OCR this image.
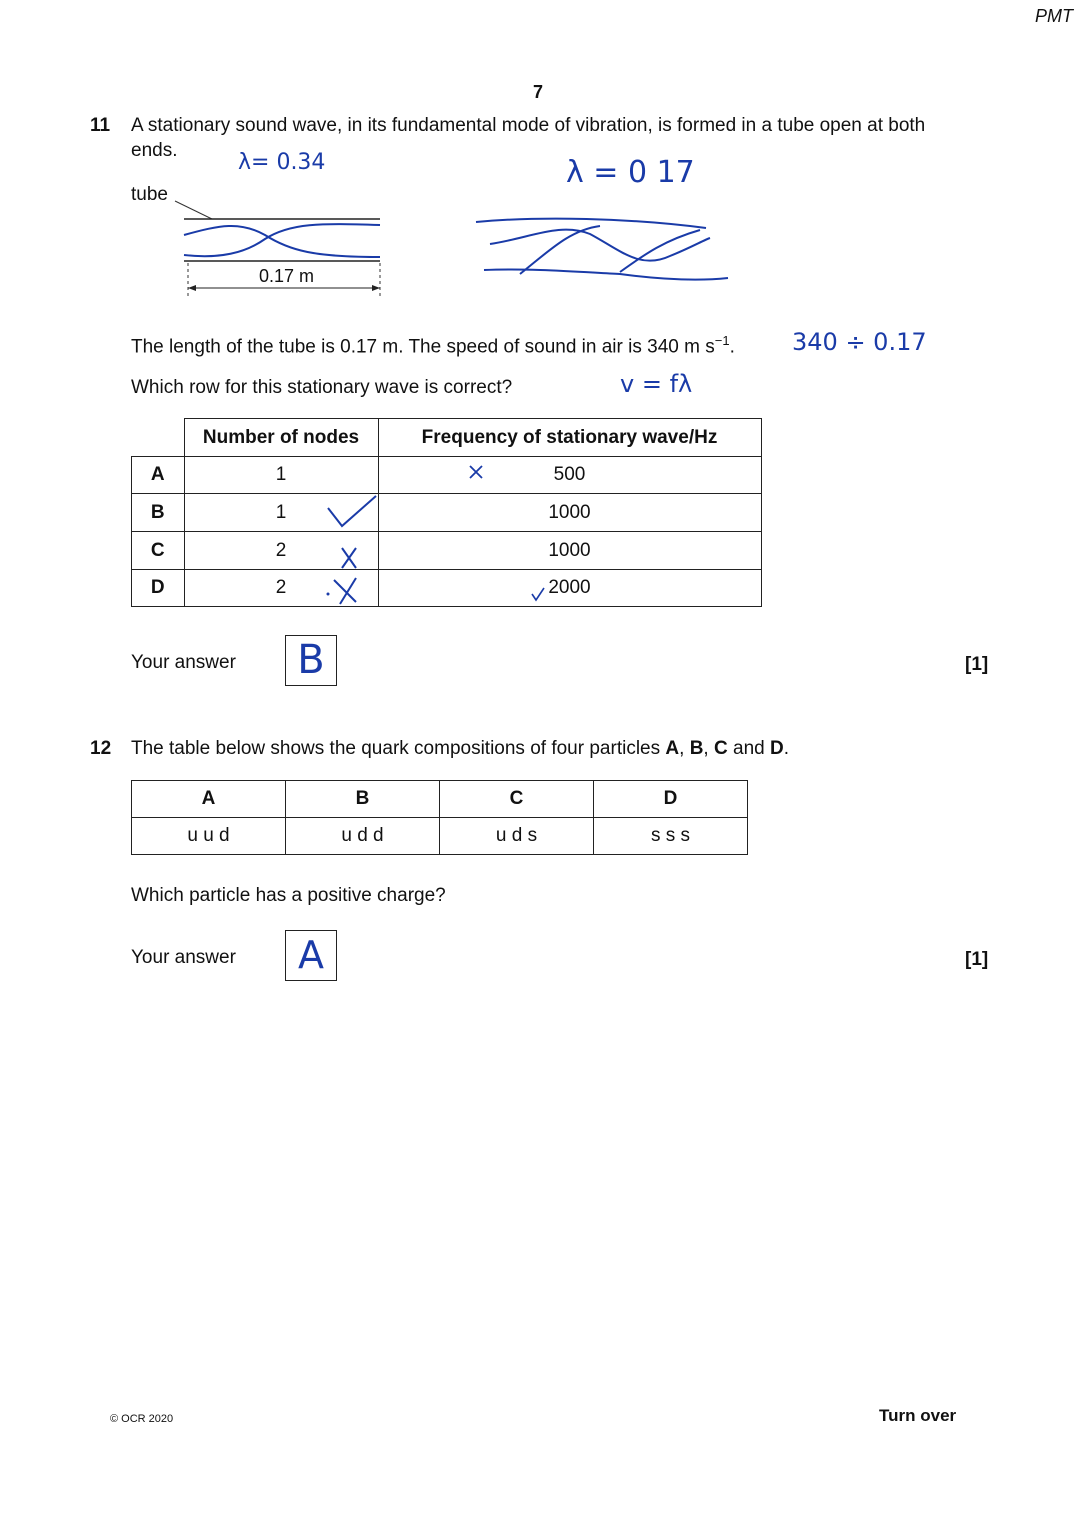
PMT
7
11 A stationary sound wave, in its fundamental mode of vibration, is formed in a tube open at both
ends.
tube
0.17 m
λ= 0.34	λ = 0 17
340 ÷ 0.17
v = fλ
The length of the tube is 0.17 m. The speed of sound in air is 340 m $s^{-1}$.
Which row for this stationary wave is correct?
	Number of nodes	Frequency of stationary wave/Hz
A	1	500
B	1	1000
C	2	1000
D	2	2000
Your answer B	[1]
12 The table below shows the quark compositions of four particles A, B, C and D.
A	B	C	D
u u d	u d d	u d s	s s s
Which particle has a positive charge?
Your answer	A	[1]
© OCR 2020	Turn over
